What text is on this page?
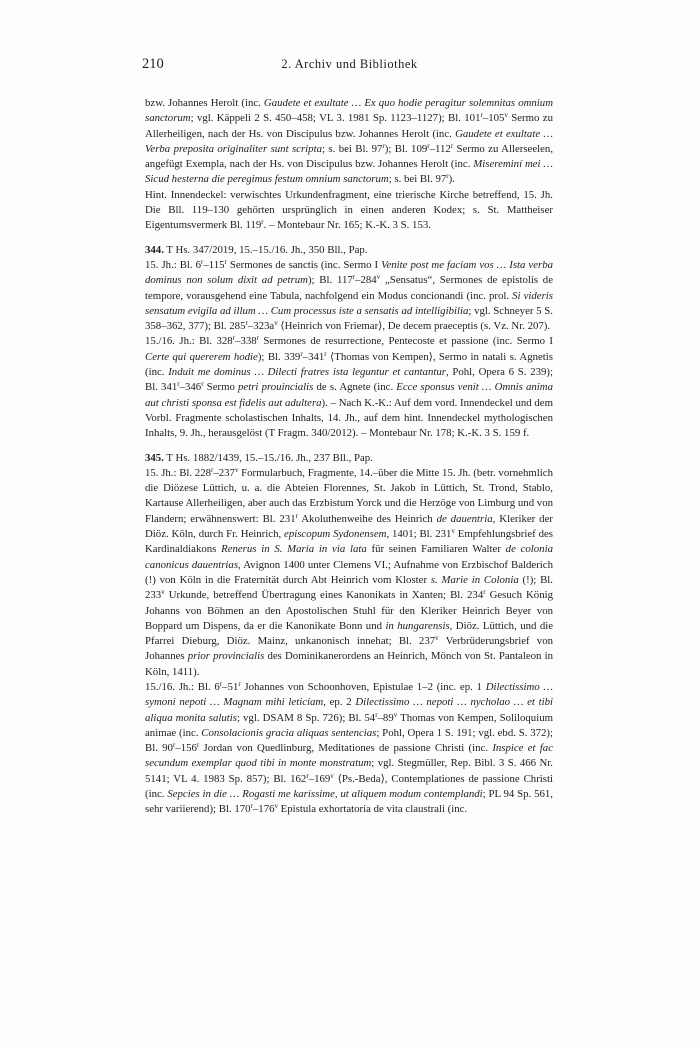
210	2. Archiv und Bibliothek

bzw. Johannes Herolt (inc. Gaudete et exultate … Ex quo hodie peragitur solemnitas omnium sanctorum; vgl. Käppeli 2 S. 450–458; VL 3. 1981 Sp. 1123–1127); Bl. 101$^r$–105$^v$ Sermo zu Allerheiligen, nach der Hs. von Discipulus bzw. Johannes Herolt (inc. Gaudete et exultate … Verba preposita originaliter sunt scripta; s. bei Bl. 97$^r$); Bl. 109$^r$–112$^r$ Sermo zu Allerseelen, angefügt Exempla, nach der Hs. von Discipulus bzw. Johannes Herolt (inc. Misereminí mei … Sicud hesterna die peregimus festum omnium sanctorum; s. bei Bl. 97$^r$).

Hint. Innendeckel: verwischtes Urkundenfragment, eine trierische Kirche betreffend, 15. Jh. Die Bll. 119–130 gehörten ursprünglich in einen anderen Kodex; s. St. Mattheiser Eigentumsvermerk Bl. 119$^r$. – Montebaur Nr. 165; K.-K. 3 S. 153.

344. T Hs. 347/2019, 15.–15./16. Jh., 350 Bll., Pap.

15. Jh.: Bl. 6$^r$–115$^r$ Sermones de sanctis (inc. Sermo I Venite post me faciam vos … Ista verba dominus non solum dixit ad petrum); Bl. 117$^r$–284$^v$ „Sensatus“, Sermones de epistolis de tempore, vorausgehend eine Tabula, nachfolgend ein Modus concionandi (inc. prol. Si videris sensatum evigila ad illum … Cum processus iste a sensatis ad intelligibilia; vgl. Schneyer 5 S. 358–362, 377); Bl. $285^r-323a^v$ ⟨Heinrich von Friemar⟩, De decem praeceptis (s. Vz. Nr. 207).

15./16. Jh.: Bl. 328$^r$–338$^r$ Sermones de resurrectione, Pentecoste et passione (inc. Sermo I Certe qui quererет hodie); Bl. 339$^r$–341$^r$ ⟨Thomas von Kempen⟩, Sermo in natali s. Agnetis (inc. Induit me dominus … Dilecti fratres ista leguntur et cantantur, Pohl, Opera 6 S. 239); Bl. 341$^r$–346$^r$ Sermo petri prouincialis de s. Agnete (inc. Ecce sponsus venit … Omnis anima aut christi sponsa est fidelis aut adultera). – Nach K.-K.: Auf dem vord. Innendeckel und dem Vorbl. Fragmente scholastischen Inhalts, 14. Jh., auf dem hint. Innendeckel mythologischen Inhalts, 9. Jh., herausgelöst (T Fragm. 340/2012). – Montebaur Nr. 178; K.-K. 3 S. 159 f.

345. T Hs. 1882/1439, 15.–15./16. Jh., 237 Bll., Pap.

15. Jh.: Bl. 228$^r$–237$^v$ Formularbuch, Fragmente, 14.–über die Mitte 15. Jh. (betr. vornehmlich die Diözese Lüttich, u. a. die Abteien Florennes, St. Jakob in Lüttich, St. Trond, Stablo, Kartause Allerheiligen, aber auch das Erzbistum Yorck und die Herzöge von Limburg und von Flandern; erwähnenswert: Bl. 231$^r$ Akoluthenweihe des Heinrich de dauentria, Kleriker der Diöz. Köln, durch Fr. Heinrich, episcopum Sydonensem, 1401; Bl. 231$^v$ Empfehlungsbrief des Kardinaldiakons Renerus in S. Maria in via lata für seinen Familiaren Walter de colonia canonicus dauentrias, Avignon 1400 unter Clemens VI.; Aufnahme von Erzbischof Balderich (!) von Köln in die Fraternität durch Abt Heinrich vom Kloster s. Marie in Colonia (!); Bl. 233$^v$ Urkunde, betreffend Übertragung eines Kanonikats in Xanten; Bl. 234$^r$ Gesuch König Johanns von Böhmen an den Apostolischen Stuhl für den Kleriker Heinrich Beyer von Boppard um Dispens, da er die Kanonikate Bonn und in hungarensis, Diöz. Lüttich, und die Pfarrei Dieburg, Diöz. Mainz, unkanonisch innehat; Bl. 237$^v$ Verbrüderungsbrief von Johannes prior provincialis des Dominikanerordens an Heinrich, Mönch von St. Pantaleon in Köln, 1411).

15./16. Jh.: Bl. 6$^r$–51$^r$ Johannes von Schoonhoven, Epistulae 1–2 (inc. ep. 1 Dilectissimo … symoni nepoti … Magnam mihi leticiam, ep. 2 Dilectissimo … nepoti … nycholao … et tibi aliqua monita salutis; vgl. DSAM 8 Sp. 726); Bl. 54$^r$–89$^v$ Thomas von Kempen, Soliloquium animae (inc. Consolacionis gracia aliquas sentencias; Pohl, Opera 1 S. 191; vgl. ebd. S. 372); Bl. 90$^r$–156$^r$ Jordan von Quedlinburg, Meditationes de passione Christi (inc. Inspice et fac secundum exemplar quod tibi in monte monstratum; vgl. Stegmüller, Rep. Bibl. 3 S. 466 Nr. 5141; VL 4. 1983 Sp. 857); Bl. 162$^r$–169$^v$ ⟨Ps.-Beda⟩, Contemplationes de passione Christi (inc. Sepcies in die … Rogasti me karissime, ut aliquem modum contemplandi; PL 94 Sp. 561, sehr variierend); Bl. 170$^r$–176$^v$ Epistula exhortatoria de vita claustrali (inc.
